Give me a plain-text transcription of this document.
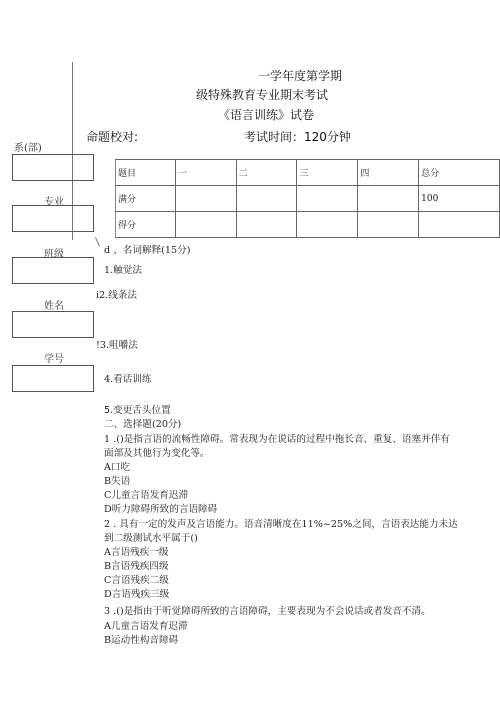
一学年度第学期
级特殊教育专业期末考试
《语言训练》试卷
命题校对:	考试时间：120分钟
系(部)
专业
班级
姓名
学号
题目	一	二	三	四	总分
满分					100
得分					
d 、名词解释(15分)
1.触觉法
i2.线条法
!3.咀嚼法
4.看话训练
5.变更舌头位置
二、选择题(20分)
1 .()是指言语的流畅性障碍。常表现为在说话的过程中拖长音、重复、语塞并伴有
面部及其他行为变化等。
A口吃
B失语
C儿童言语发育迟滞
D听力障碍所致的言语障碍
2 . 具有一定的发声及言语能力。语音清晰度在11%~25%之间，言语表达能力未达
到二级测试水平属于()
A言语残疾一级
B言语残疾四级
C言语残疾二级
D言语残疾三级
3 .()是指由于听觉障碍所致的言语障碍，主要表现为不会说话或者发音不清。
A儿童言语发育迟滞
B运动性构音障碍
